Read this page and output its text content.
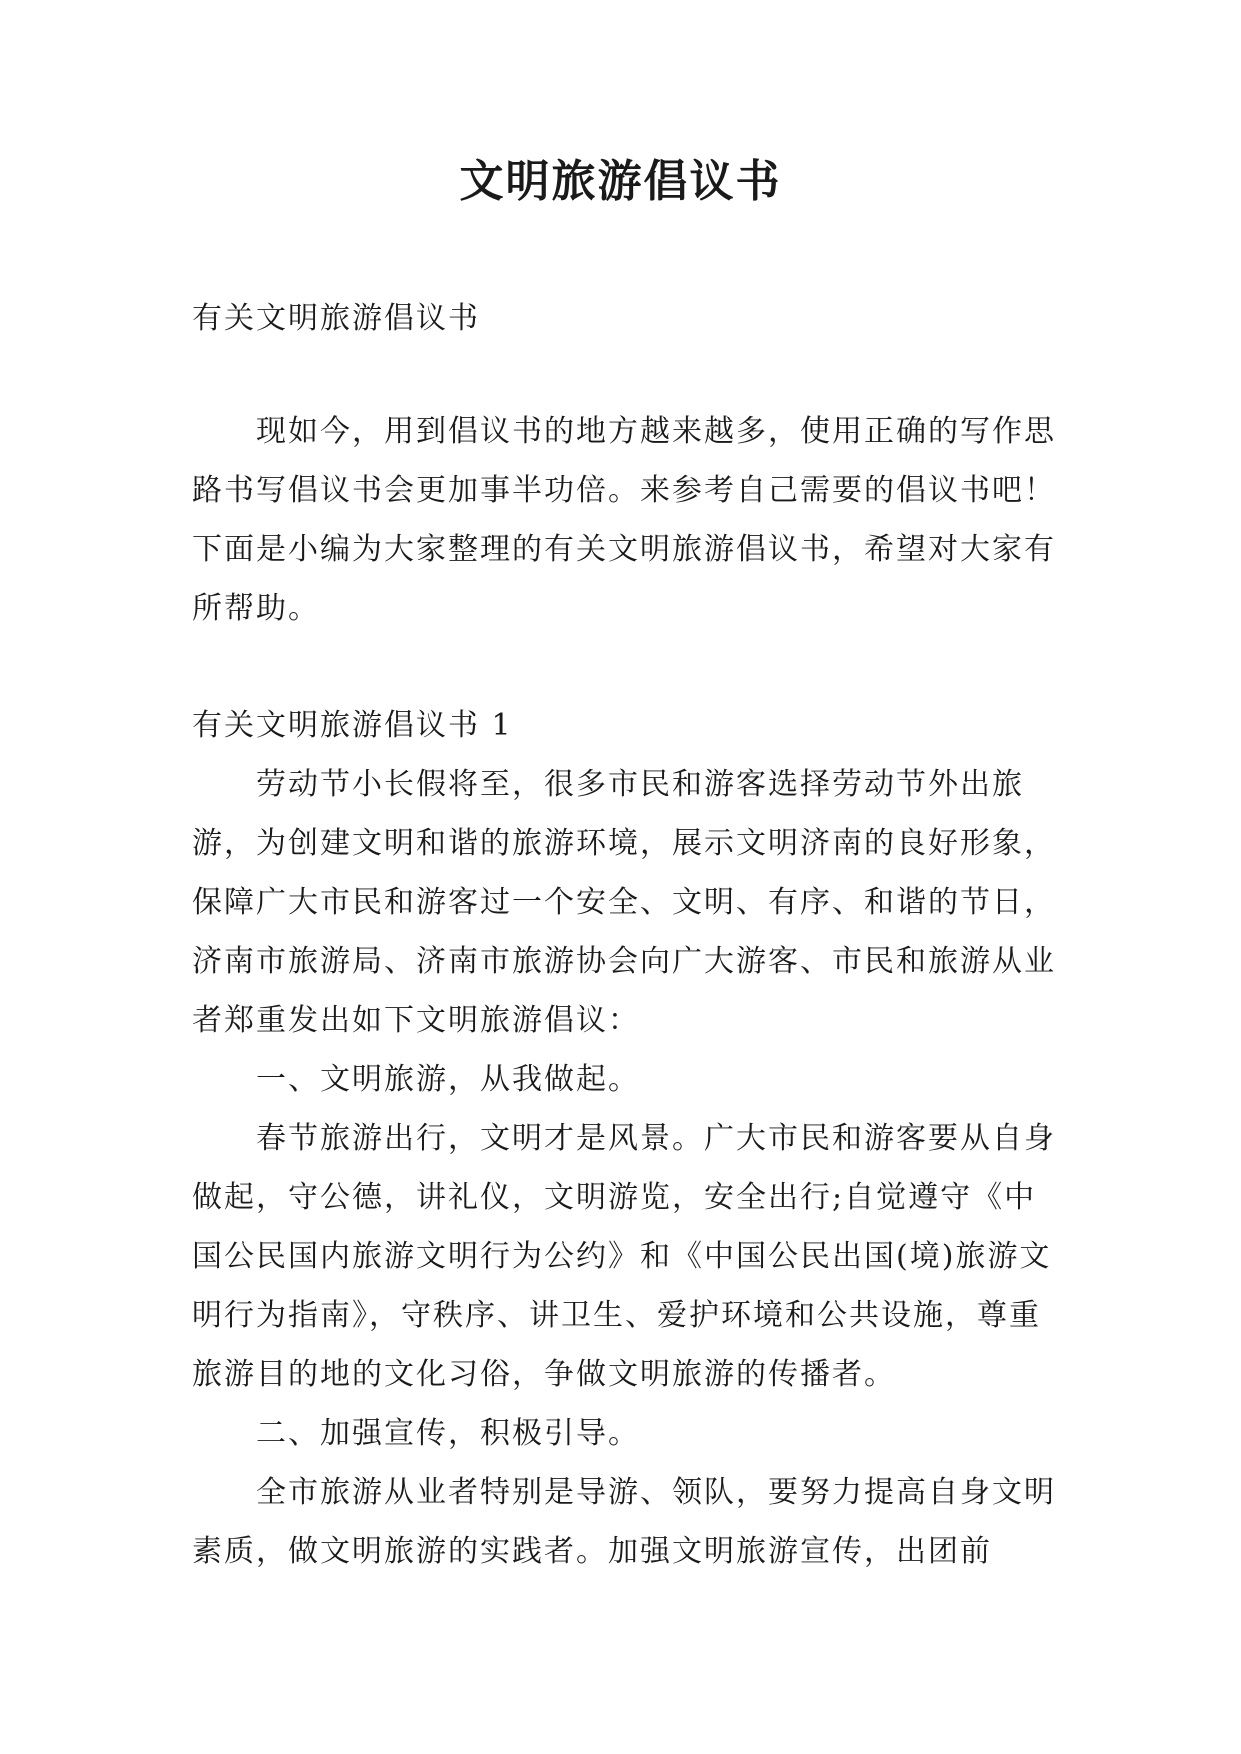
文明旅游倡议书

有关文明旅游倡议书

现如今，用到倡议书的地方越来越多，使用正确的写作思路书写倡议书会更加事半功倍。来参考自己需要的倡议书吧！下面是小编为大家整理的有关文明旅游倡议书，希望对大家有所帮助。

有关文明旅游倡议书 1

劳动节小长假将至，很多市民和游客选择劳动节外出旅游，为创建文明和谐的旅游环境，展示文明济南的良好形象，保障广大市民和游客过一个安全、文明、有序、和谐的节日，济南市旅游局、济南市旅游协会向广大游客、市民和旅游从业者郑重发出如下文明旅游倡议：

一、文明旅游，从我做起。

春节旅游出行，文明才是风景。广大市民和游客要从自身做起，守公德，讲礼仪，文明游览，安全出行;自觉遵守《中国公民国内旅游文明行为公约》和《中国公民出国(境)旅游文明行为指南》，守秩序、讲卫生、爱护环境和公共设施，尊重旅游目的地的文化习俗，争做文明旅游的传播者。

二、加强宣传，积极引导。

全市旅游从业者特别是导游、领队，要努力提高自身文明素质，做文明旅游的实践者。加强文明旅游宣传，出团前
